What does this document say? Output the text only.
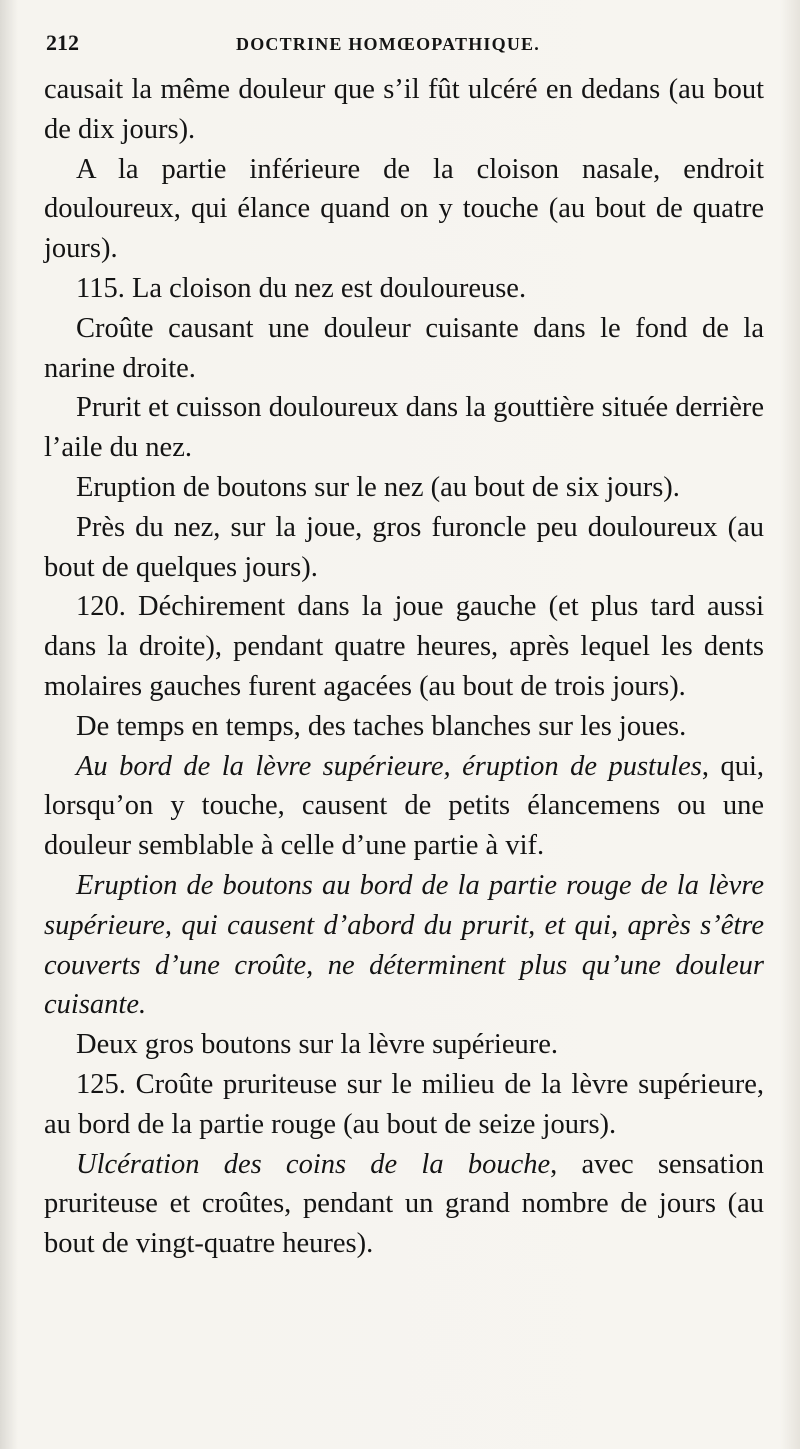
212	DOCTRINE HOMŒOPATHIQUE.

causait la même douleur que s’il fût ulcéré en dedans (au bout de dix jours).

A la partie inférieure de la cloison nasale, endroit douloureux, qui élance quand on y touche (au bout de quatre jours).

115. La cloison du nez est douloureuse.

Croûte causant une douleur cuisante dans le fond de la narine droite.

Prurit et cuisson douloureux dans la gouttière située derrière l’aile du nez.

Eruption de boutons sur le nez (au bout de six jours).

Près du nez, sur la joue, gros furoncle peu douloureux (au bout de quelques jours).

120. Déchirement dans la joue gauche (et plus tard aussi dans la droite), pendant quatre heures, après lequel les dents molaires gauches furent agacées (au bout de trois jours).

De temps en temps, des taches blanches sur les joues.

Au bord de la lèvre supérieure, éruption de pustules, qui, lorsqu’on y touche, causent de petits élancemens ou une douleur semblable à celle d’une partie à vif.

Eruption de boutons au bord de la partie rouge de la lèvre supérieure, qui causent d’abord du prurit, et qui, après s’être couverts d’une croûte, ne déterminent plus qu’une douleur cuisante.

Deux gros boutons sur la lèvre supérieure.

125. Croûte pruriteuse sur le milieu de la lèvre supérieure, au bord de la partie rouge (au bout de seize jours).

Ulcération des coins de la bouche, avec sensation pruriteuse et croûtes, pendant un grand nombre de jours (au bout de vingt-quatre heures).
